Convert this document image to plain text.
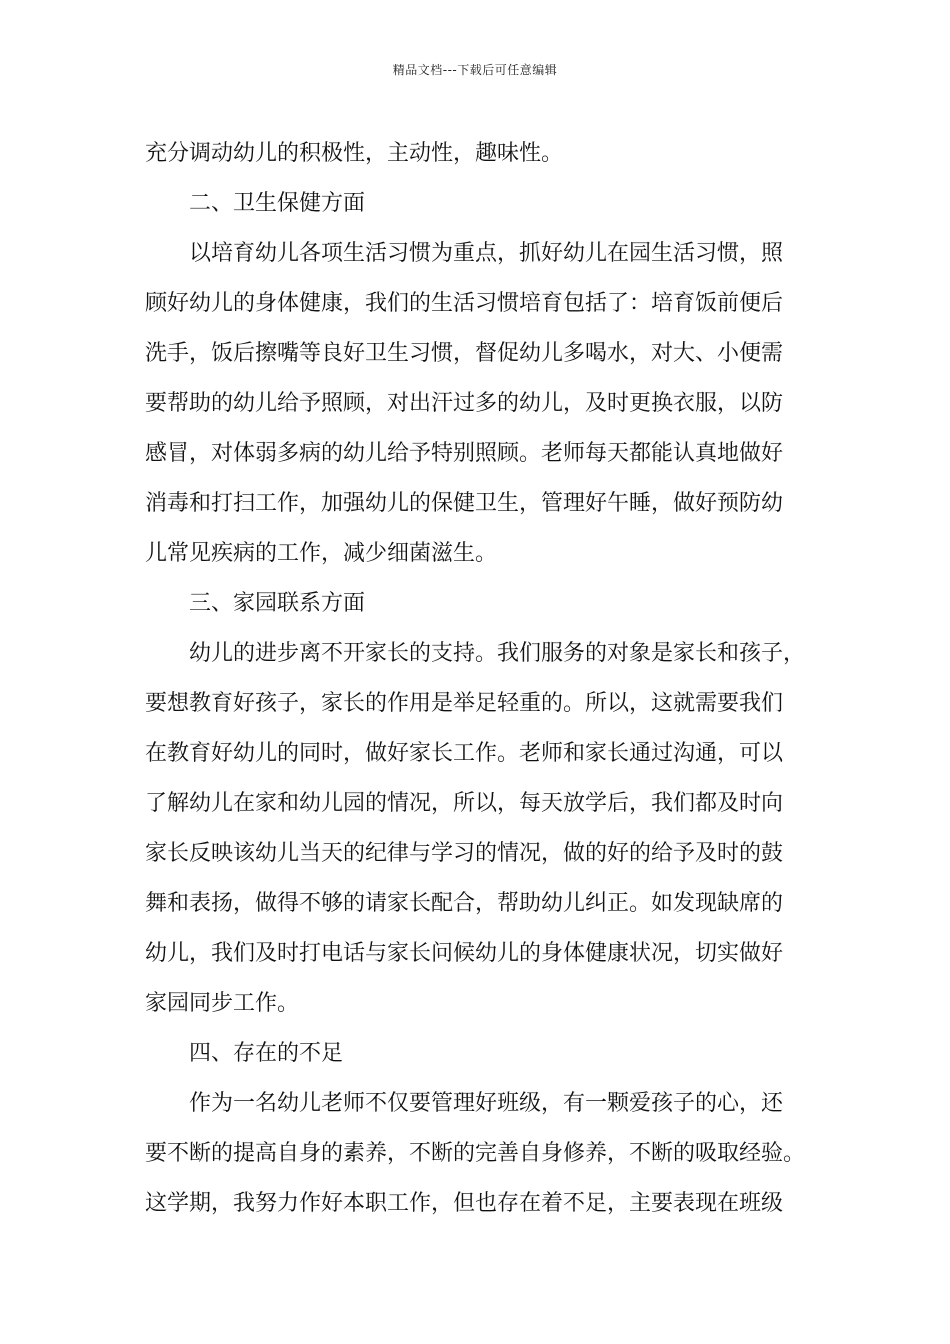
精品文档---下载后可任意编辑
充分调动幼儿的积极性，主动性，趣味性。
二、卫生保健方面
以培育幼儿各项生活习惯为重点，抓好幼儿在园生活习惯，照
顾好幼儿的身体健康，我们的生活习惯培育包括了：培育饭前便后
洗手，饭后擦嘴等良好卫生习惯，督促幼儿多喝水，对大、小便需
要帮助的幼儿给予照顾，对出汗过多的幼儿，及时更换衣服，以防
感冒，对体弱多病的幼儿给予特别照顾。老师每天都能认真地做好
消毒和打扫工作，加强幼儿的保健卫生，管理好午睡，做好预防幼
儿常见疾病的工作，减少细菌滋生。
三、家园联系方面
幼儿的进步离不开家长的支持。我们服务的对象是家长和孩子，
要想教育好孩子，家长的作用是举足轻重的。所以，这就需要我们
在教育好幼儿的同时，做好家长工作。老师和家长通过沟通，可以
了解幼儿在家和幼儿园的情况，所以，每天放学后，我们都及时向
家长反映该幼儿当天的纪律与学习的情况，做的好的给予及时的鼓
舞和表扬，做得不够的请家长配合，帮助幼儿纠正。如发现缺席的
幼儿，我们及时打电话与家长问候幼儿的身体健康状况，切实做好
家园同步工作。
四、存在的不足
作为一名幼儿老师不仅要管理好班级，有一颗爱孩子的心，还
要不断的提高自身的素养，不断的完善自身修养，不断的吸取经验。
这学期，我努力作好本职工作，但也存在着不足，主要表现在班级
